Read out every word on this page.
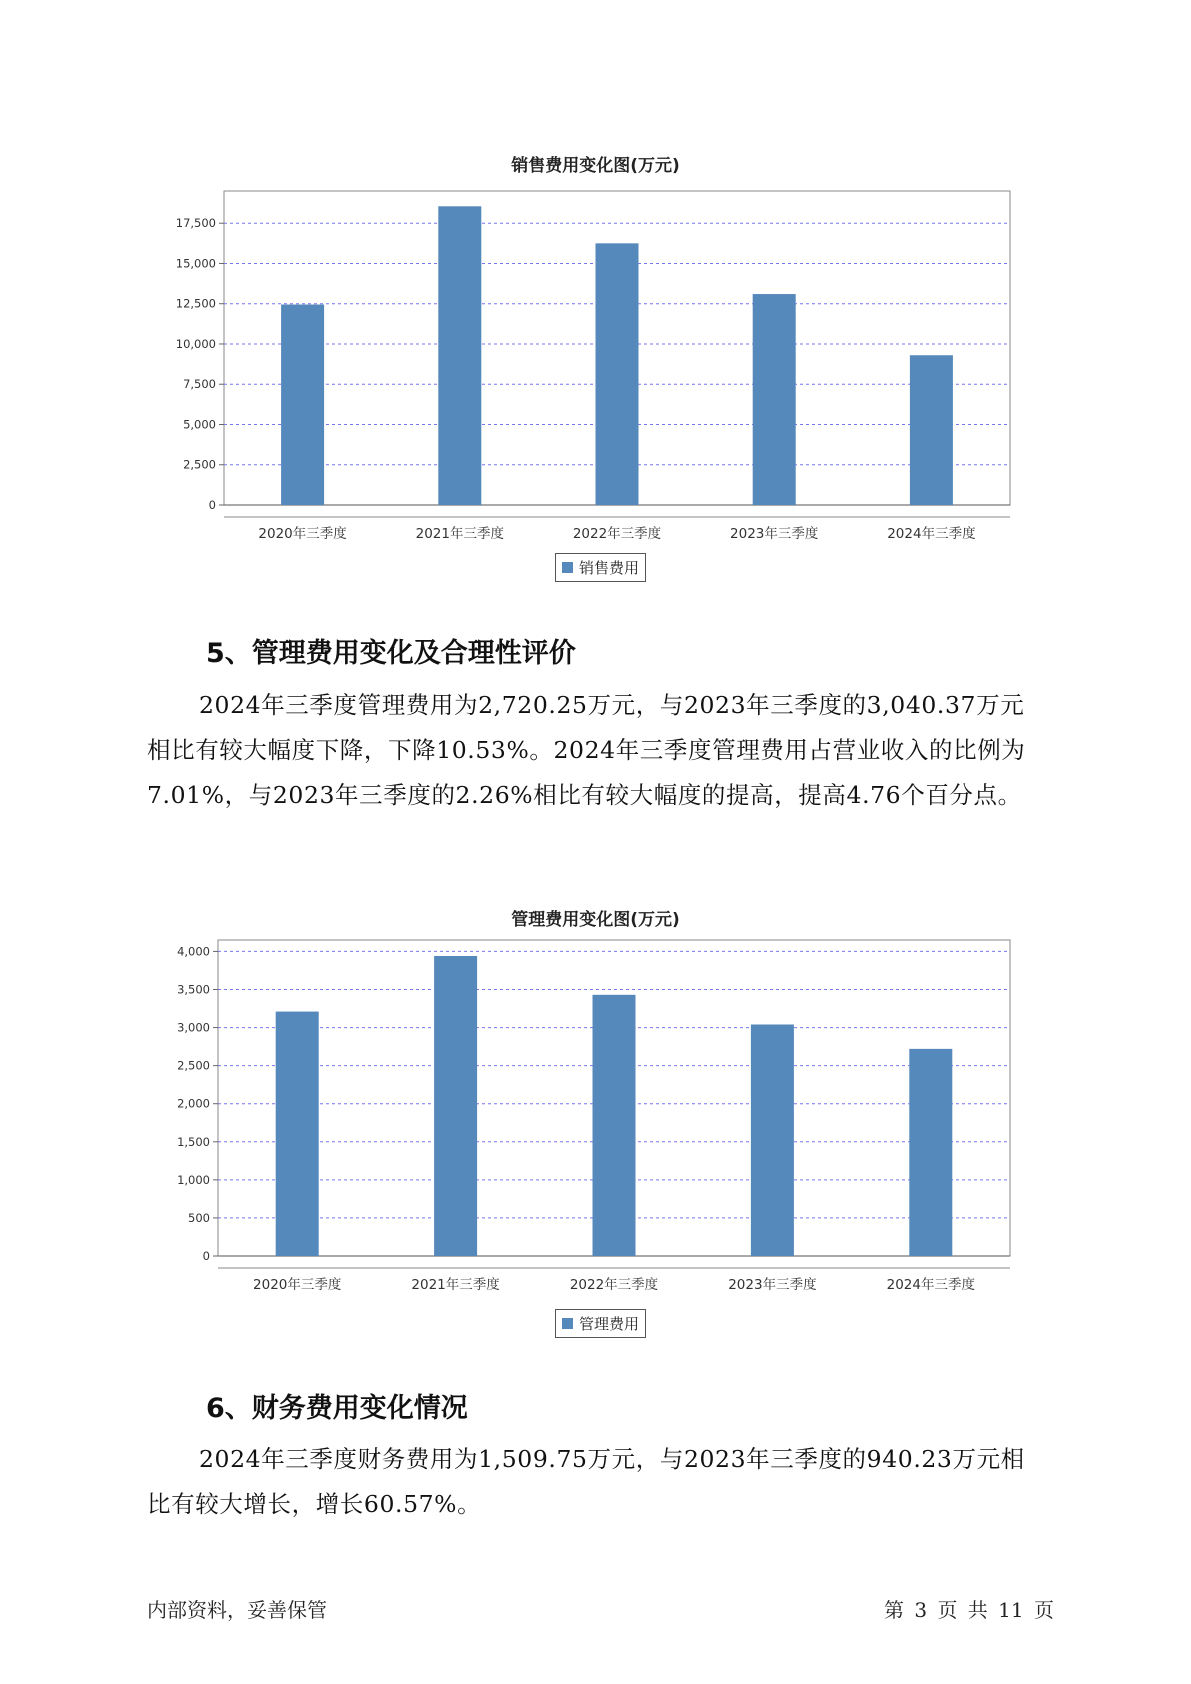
销售费用变化图(万元)
0
2,500
5,000
7,500
10,000
12,500
15,000
17,500
2020年三季度	2021年三季度	2022年三季度	2023年三季度	2024年三季度
销售费用
5、管理费用变化及合理性评价

2024年三季度管理费用为2,720.25万元，与2023年三季度的3,040.37万元相比有较大幅度下降，下降10.53%。2024年三季度管理费用占营业收入的比例为7.01%，与2023年三季度的2.26%相比有较大幅度的提高，提高4.76个百分点。

管理费用变化图(万元)
0
500
1,000
1,500
2,000
2,500
3,000
3,500
4,000
2020年三季度	2021年三季度	2022年三季度	2023年三季度	2024年三季度
管理费用
6、财务费用变化情况

2024年三季度财务费用为1,509.75万元，与2023年三季度的940.23万元相比有较大增长，增长60.57%。

内部资料，妥善保管	第 3 页 共 11 页
